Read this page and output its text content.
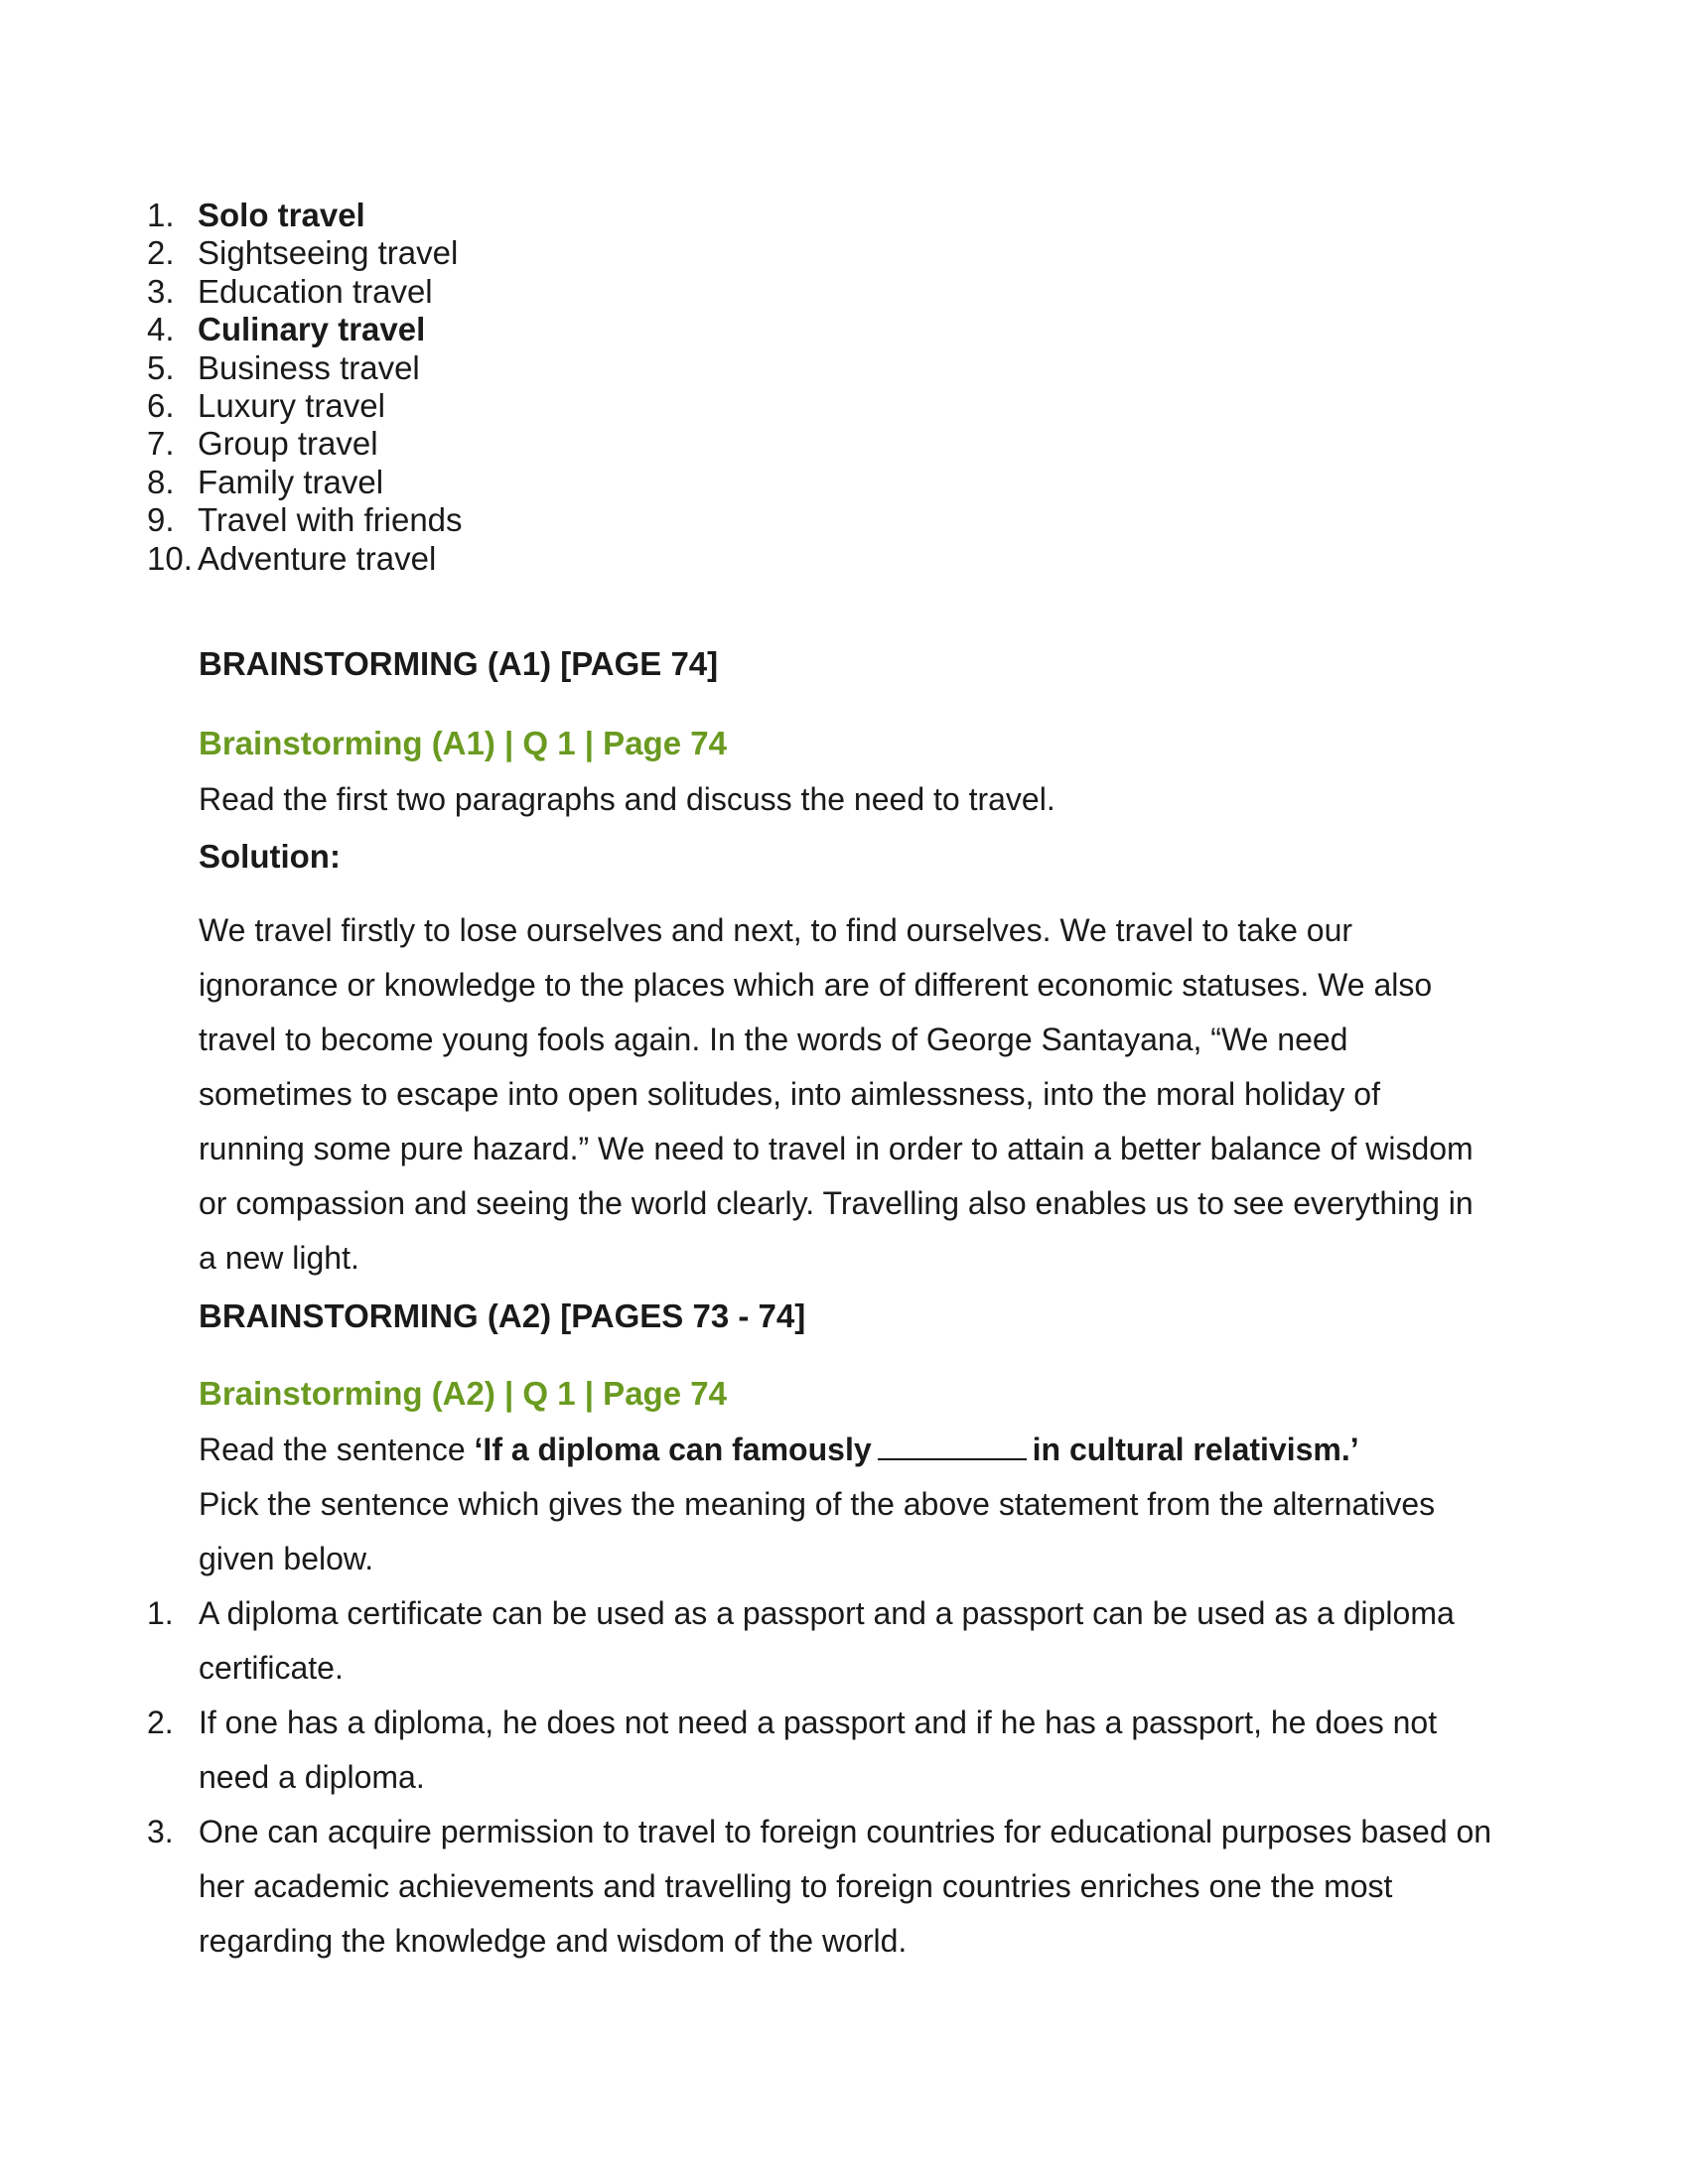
1. Solo travel
2. Sightseeing travel
3. Education travel
4. Culinary travel
5. Business travel
6. Luxury travel
7. Group travel
8. Family travel
9. Travel with friends
10. Adventure travel
BRAINSTORMING (A1) [PAGE 74]
Brainstorming (A1) | Q 1 | Page 74

Read the first two paragraphs and discuss the need to travel.

Solution:

We travel firstly to lose ourselves and next, to find ourselves. We travel to take our ignorance or knowledge to the places which are of different economic statuses. We also travel to become young fools again. In the words of George Santayana, “We need sometimes to escape into open solitudes, into aimlessness, into the moral holiday of running some pure hazard.” We need to travel in order to attain a better balance of wisdom or compassion and seeing the world clearly. Travelling also enables us to see everything in a new light.

BRAINSTORMING (A2) [PAGES 73 - 74]
Brainstorming (A2) | Q 1 | Page 74

Read the sentence ‘If a diploma can famously	in cultural relativism.’

Pick the sentence which gives the meaning of the above statement from the alternatives given below.

1. A diploma certificate can be used as a passport and a passport can be used as a diploma certificate.
2. If one has a diploma, he does not need a passport and if he has a passport, he does not need a diploma.
3. One can acquire permission to travel to foreign countries for educational purposes based on her academic achievements and travelling to foreign countries enriches one the most regarding the knowledge and wisdom of the world.
